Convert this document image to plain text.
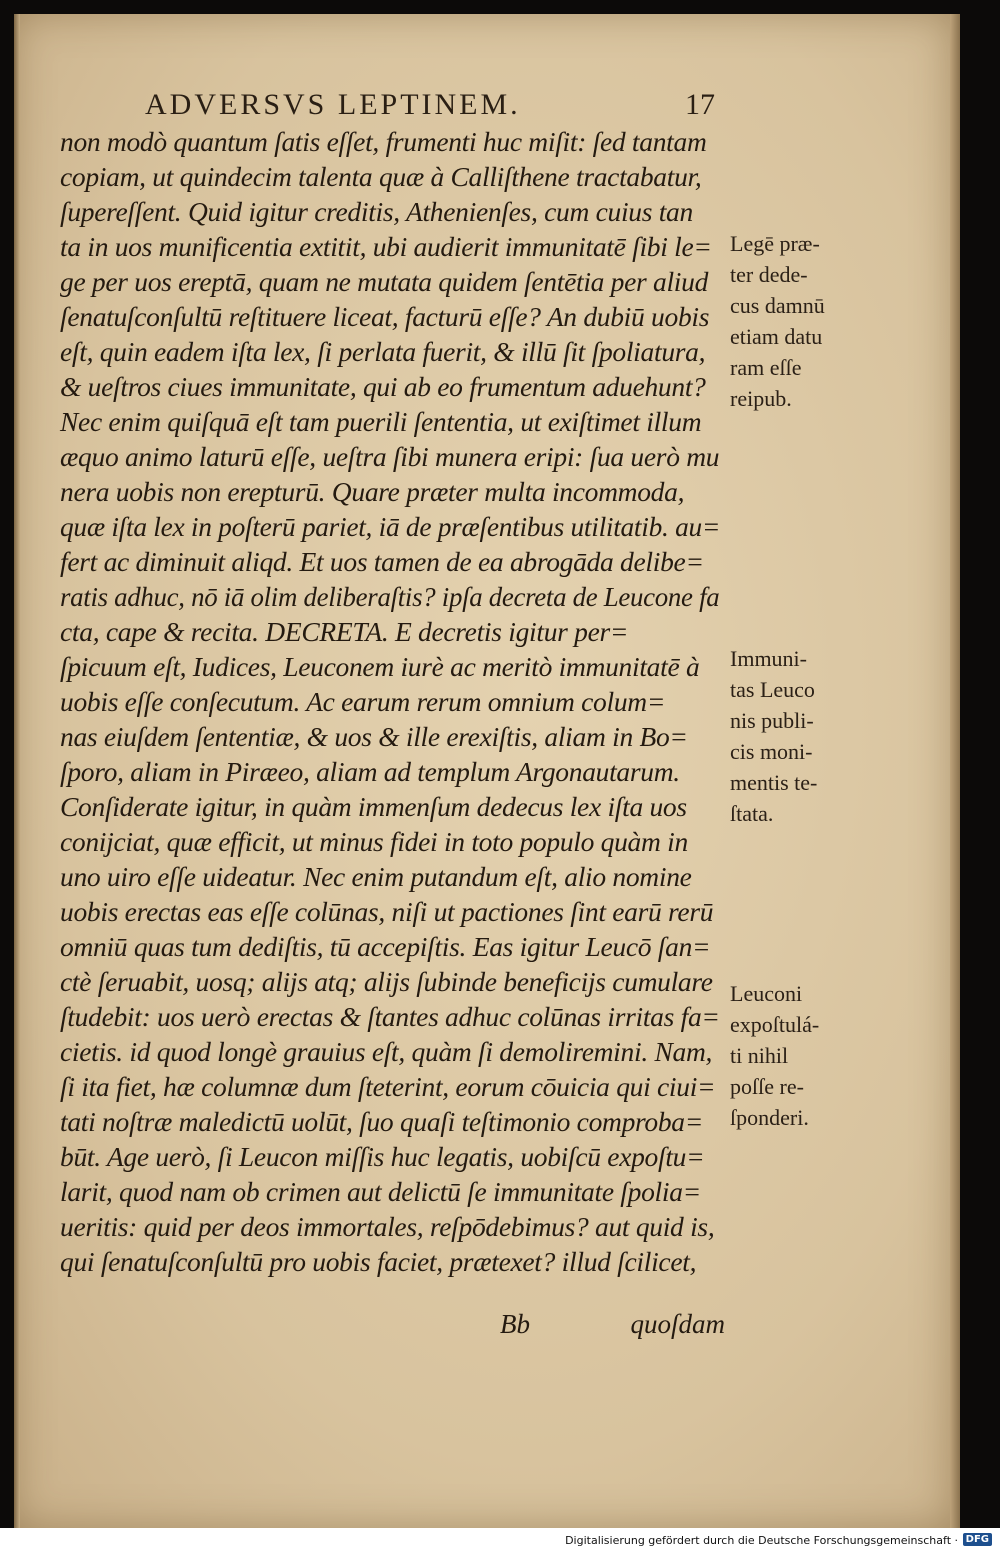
ADVERSVS LEPTINEM.	17
non modò quantum ſatis eſſet, frumenti huc miſit: ſed tantam
copiam, ut quindecim talenta quæ à Calliſthene tractabatur,
ſupereſſent. Quid igitur creditis, Athenienſes, cum cuius tan
ta in uos munificentia extitit, ubi audierit immunitatē ſibi le=
ge per uos ereptā, quam ne mutata quidem ſentētia per aliud
ſenatuſconſultū reſtituere liceat, facturū eſſe? An dubiū uobis
eſt, quin eadem iſta lex, ſi perlata fuerit, & illū ſit ſpoliatura,
& ueſtros ciues immunitate, qui ab eo frumentum aduehunt?
Nec enim quiſquā eſt tam puerili ſententia, ut exiſtimet illum
æquo animo laturū eſſe, ueſtra ſibi munera eripi: ſua uerò mu
nera uobis non erepturū. Quare præter multa incommoda,
quæ iſta lex in poſterū pariet, iā de præſentibus utilitatib. au=
fert ac diminuit aliqd. Et uos tamen de ea abrogāda delibe=
ratis adhuc, nō iā olim deliberaſtis? ipſa decreta de Leucone fa
cta, cape & recita. DECRETA. E decretis igitur per=
ſpicuum eſt, Iudices, Leuconem iurè ac meritò immunitatē à
uobis eſſe conſecutum. Ac earum rerum omnium colum=
nas eiuſdem ſententiæ, & uos & ille erexiſtis, aliam in Bo=
ſporo, aliam in Piræeo, aliam ad templum Argonautarum.
Conſiderate igitur, in quàm immenſum dedecus lex iſta uos
conijciat, quæ efficit, ut minus fidei in toto populo quàm in
uno uiro eſſe uideatur. Nec enim putandum eſt, alio nomine
uobis erectas eas eſſe colūnas, niſi ut pactiones ſint earū rerū
omniū quas tum dediſtis, tū accepiſtis. Eas igitur Leucō ſan=
ctè ſeruabit, uosq; alijs atq; alijs ſubinde beneficijs cumulare
ſtudebit: uos uerò erectas & ſtantes adhuc colūnas irritas fa=
cietis. id quod longè grauius eſt, quàm ſi demoliremini. Nam,
ſi ita fiet, hæ columnæ dum ſteterint, eorum cōuicia qui ciui=
tati noſtræ maledictū uolūt, ſuo quaſi teſtimonio comproba=
būt. Age uerò, ſi Leucon miſſis huc legatis, uobiſcū expoſtu=
larit, quod nam ob crimen aut delictū ſe immunitate ſpolia=
ueritis: quid per deos immortales, reſpōdebimus? aut quid is,
qui ſenatuſconſultū pro uobis faciet, prætexet? illud ſcilicet,
Bb	quoſdam
Legē præ-
ter dede-
cus damnū
etiam datu
ram eſſe
reipub.
Immuni-
tas Leuco
nis publi-
cis moni-
mentis te-
ſtata.
Leuconi
expoſtulá-
ti nihil
poſſe re-
ſponderi.
Digitalisierung gefördert durch die Deutsche Forschungsgemeinschaft · DFG
